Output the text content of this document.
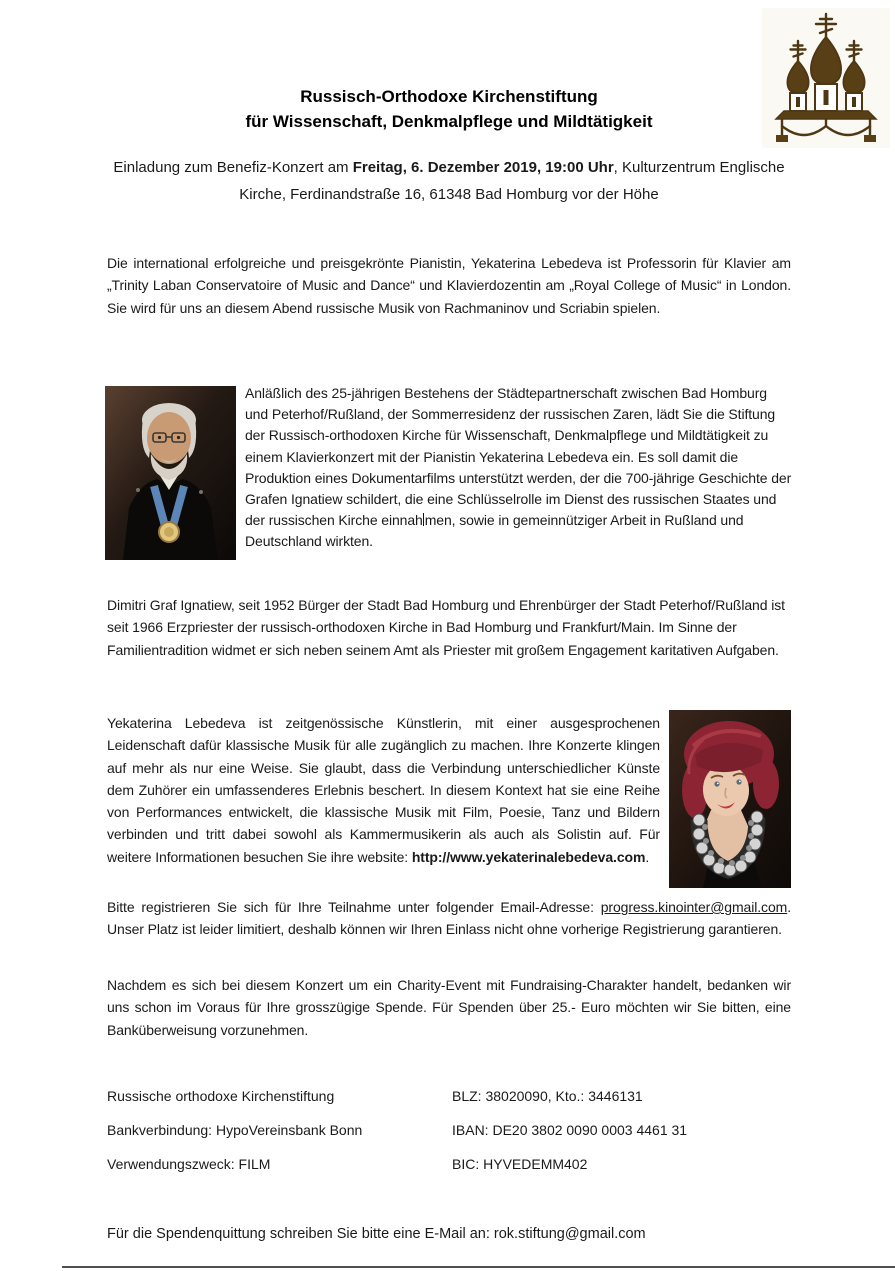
Russisch-Orthodoxe Kirchenstiftung
für Wissenschaft, Denkmalpflege und Mildtätigkeit

Einladung zum Benefiz-Konzert am Freitag, 6. Dezember 2019, 19:00 Uhr, Kulturzentrum Englische Kirche, Ferdinandstraße 16, 61348 Bad Homburg vor der Höhe

Die international erfolgreiche und preisgekrönte Pianistin, Yekaterina Lebedeva ist Professorin für Klavier am „Trinity Laban Conservatoire of Music and Dance“ und Klavierdozentin am „Royal College of Music“ in London. Sie wird für uns an diesem Abend russische Musik von Rachmaninov und Scriabin spielen.

Anläßlich des 25-jährigen Bestehens der Städtepartnerschaft zwischen Bad Homburg und Peterhof/Rußland, der Sommerresidenz der russischen Zaren, lädt Sie die Stiftung der Russisch-orthodoxen Kirche für Wissenschaft, Denkmalpflege und Mildtätigkeit zu einem Klavierkonzert mit der Pianistin Yekaterina Lebedeva ein. Es soll damit die Produktion eines Dokumentarfilms unterstützt werden, der die 700-jährige Geschichte der Grafen Ignatiew schildert, die eine Schlüsselrolle im Dienst des russischen Staates und der russischen Kirche einnah men, sowie in gemeinnütziger Arbeit in Rußland und Deutschland wirkten.

Dimitri Graf Ignatiew, seit 1952 Bürger der Stadt Bad Homburg und Ehrenbürger der Stadt Peterhof/Rußland ist seit 1966 Erzpriester der russisch-orthodoxen Kirche in Bad Homburg und Frankfurt/Main. Im Sinne der Familientradition widmet er sich neben seinem Amt als Priester mit großem Engagement karitativen Aufgaben.

Yekaterina Lebedeva ist zeitgenössische Künstlerin, mit einer ausgesprochenen Leidenschaft dafür klassische Musik für alle zugänglich zu machen. Ihre Konzerte klingen auf mehr als nur eine Weise. Sie glaubt, dass die Verbindung unterschiedlicher Künste dem Zuhörer ein umfassenderes Erlebnis beschert. In diesem Kontext hat sie eine Reihe von Performances entwickelt, die klassische Musik mit Film, Poesie, Tanz und Bildern verbinden und tritt dabei sowohl als Kammermusikerin als auch als Solistin auf. Für weitere Informationen besuchen Sie ihre website: http://www.yekaterinalebedeva.com.

Bitte registrieren Sie sich für Ihre Teilnahme unter folgender Email-Adresse: progress.kinointer@gmail.com. Unser Platz ist leider limitiert, deshalb können wir Ihren Einlass nicht ohne vorherige Registrierung garantieren.

Nachdem es sich bei diesem Konzert um ein Charity-Event mit Fundraising-Charakter handelt, bedanken wir uns schon im Voraus für Ihre grosszügige Spende. Für Spenden über 25.- Euro möchten wir Sie bitten, eine Banküberweisung vorzunehmen.

Russische orthodoxe Kirchenstiftung	BLZ: 38020090, Kto.: 3446131
Bankverbindung: HypoVereinsbank Bonn	IBAN: DE20 3802 0090 0003 4461 31
Verwendungszweck: FILM	BIC: HYVEDEMM402

Für die Spendenquittung schreiben Sie bitte eine E-Mail an: rok.stiftung@gmail.com
